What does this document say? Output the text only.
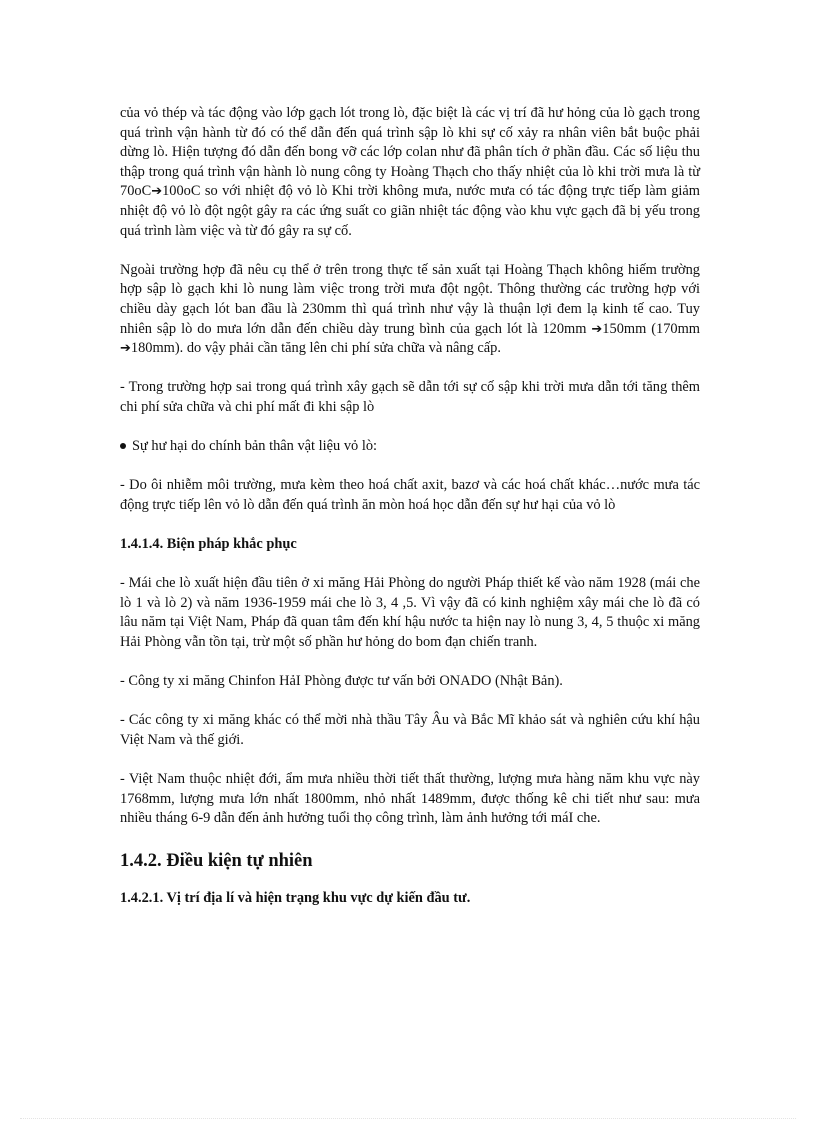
của vỏ thép và tác động vào lớp gạch lót trong lò, đặc biệt là các vị trí đã hư hỏng của lò gạch trong quá trình vận hành từ đó có thể dẫn đến quá trình sập lò khi sự cố xảy ra nhân viên bắt buộc phải dừng lò. Hiện tượng đó dẫn đến bong vỡ các lớp colan như đã phân tích ở phần đầu. Các số liệu thu thập trong quá trình vận hành lò nung công ty Hoàng Thạch cho thấy nhiệt của lò khi trời mưa là từ 70oC➔100oC so với nhiệt độ vỏ lò Khi trời không mưa, nước mưa có tác động trực tiếp làm giảm nhiệt độ vỏ lò đột ngột gây ra các ứng suất co giãn nhiệt tác động vào khu vực gạch đã bị yếu trong quá trình làm việc và từ đó gây ra sự cố.

Ngoài trường hợp đã nêu cụ thể ở trên trong thực tế sản xuất tại Hoàng Thạch không hiếm trường hợp sập lò gạch khi lò nung làm việc trong trời mưa đột ngột. Thông thường các trường hợp với chiều dày gạch lót ban đầu là 230mm thì quá trình như vậy là thuận lợi đem lạ kinh tế cao. Tuy nhiên sập lò do mưa lớn dẫn đến chiều dày trung bình của gạch lót là 120mm ➔150mm (170mm ➔180mm). do vậy phải cần tăng lên chi phí sửa chữa và nâng cấp.

- Trong trường hợp sai trong quá trình xây gạch sẽ dẫn tới sự cố sập khi trời mưa dẫn tới tăng thêm chi phí sửa chữa và chi phí mất đi khi sập lò

Sự hư hại do chính bản thân vật liệu vỏ lò:

- Do ôi nhiễm môi trường, mưa kèm theo hoá chất axit, bazơ và các hoá chất khác…nước mưa tác động trực tiếp lên vỏ lò dẫn đến quá trình ăn mòn hoá học dẫn đến sự hư hại của vỏ lò

1.4.1.4. Biện pháp khắc phục

- Mái che lò xuất hiện đầu tiên ở xi măng Hải Phòng do người Pháp thiết kế vào năm 1928 (mái che lò 1 và lò 2) và năm 1936-1959 mái che lò 3, 4 ,5. Vì vậy đã có kinh nghiệm xây mái che lò đã có lâu năm tại Việt Nam, Pháp đã quan tâm đến khí hậu nước ta hiện nay lò nung 3, 4, 5 thuộc xi măng Hải Phòng vẫn tồn tại, trừ một số phần hư hỏng do bom đạn chiến tranh.

- Công ty xi măng Chinfon HảI Phòng được tư vấn bởi ONADO (Nhật Bản).

- Các công ty xi măng khác có thể mời nhà thầu Tây Âu và Bắc Mĩ khảo sát và nghiên cứu khí hậu Việt Nam và thế giới.

- Việt Nam thuộc nhiệt đới, ẩm mưa nhiều thời tiết thất thường, lượng mưa hàng năm khu vực này 1768mm, lượng mưa lớn nhất 1800mm, nhỏ nhất 1489mm, được thống kê chi tiết như sau: mưa nhiều tháng 6-9 dẫn đến ảnh hưởng tuổi thọ công trình, làm ảnh hưởng tới máI che.

1.4.2. Điều kiện tự nhiên

1.4.2.1. Vị trí địa lí và hiện trạng khu vực dự kiến đầu tư.
